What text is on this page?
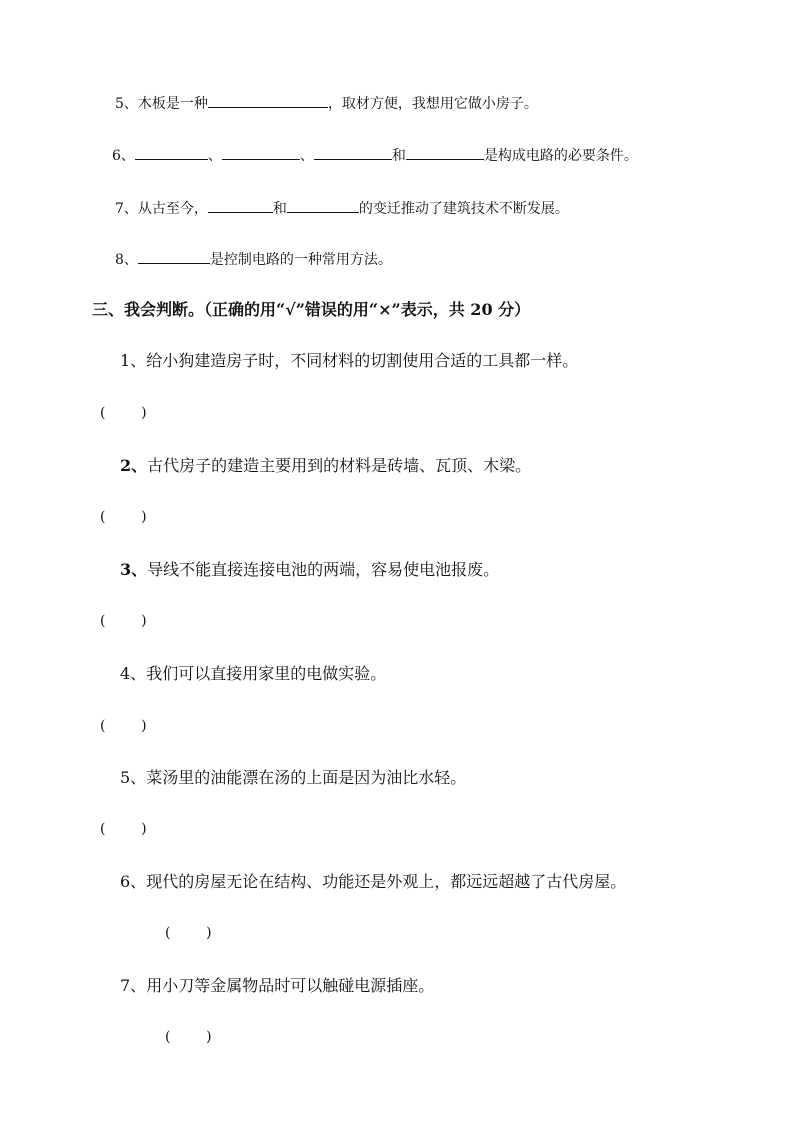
5、木板是一种	，取材方便，我想用它做小房子。
6、	、	、	和	是构成电路的必要条件。
7、从古至今，	和	的变迁推动了建筑技术不断发展。
8、	是控制电路的一种常用方法。
三、我会判断。（正确的用“√”错误的用“×”表示，共 20 分）
1、给小狗建造房子时，不同材料的切割使用合适的工具都一样。
(        )
2、古代房子的建造主要用到的材料是砖墙、瓦顶、木梁。
(        )
3、导线不能直接连接电池的两端，容易使电池报废。
(        )
4、我们可以直接用家里的电做实验。
(        )
5、菜汤里的油能漂在汤的上面是因为油比水轻。
(        )
6、现代的房屋无论在结构、功能还是外观上，都远远超越了古代房屋。
(        )
7、用小刀等金属物品时可以触碰电源插座。
(        )
